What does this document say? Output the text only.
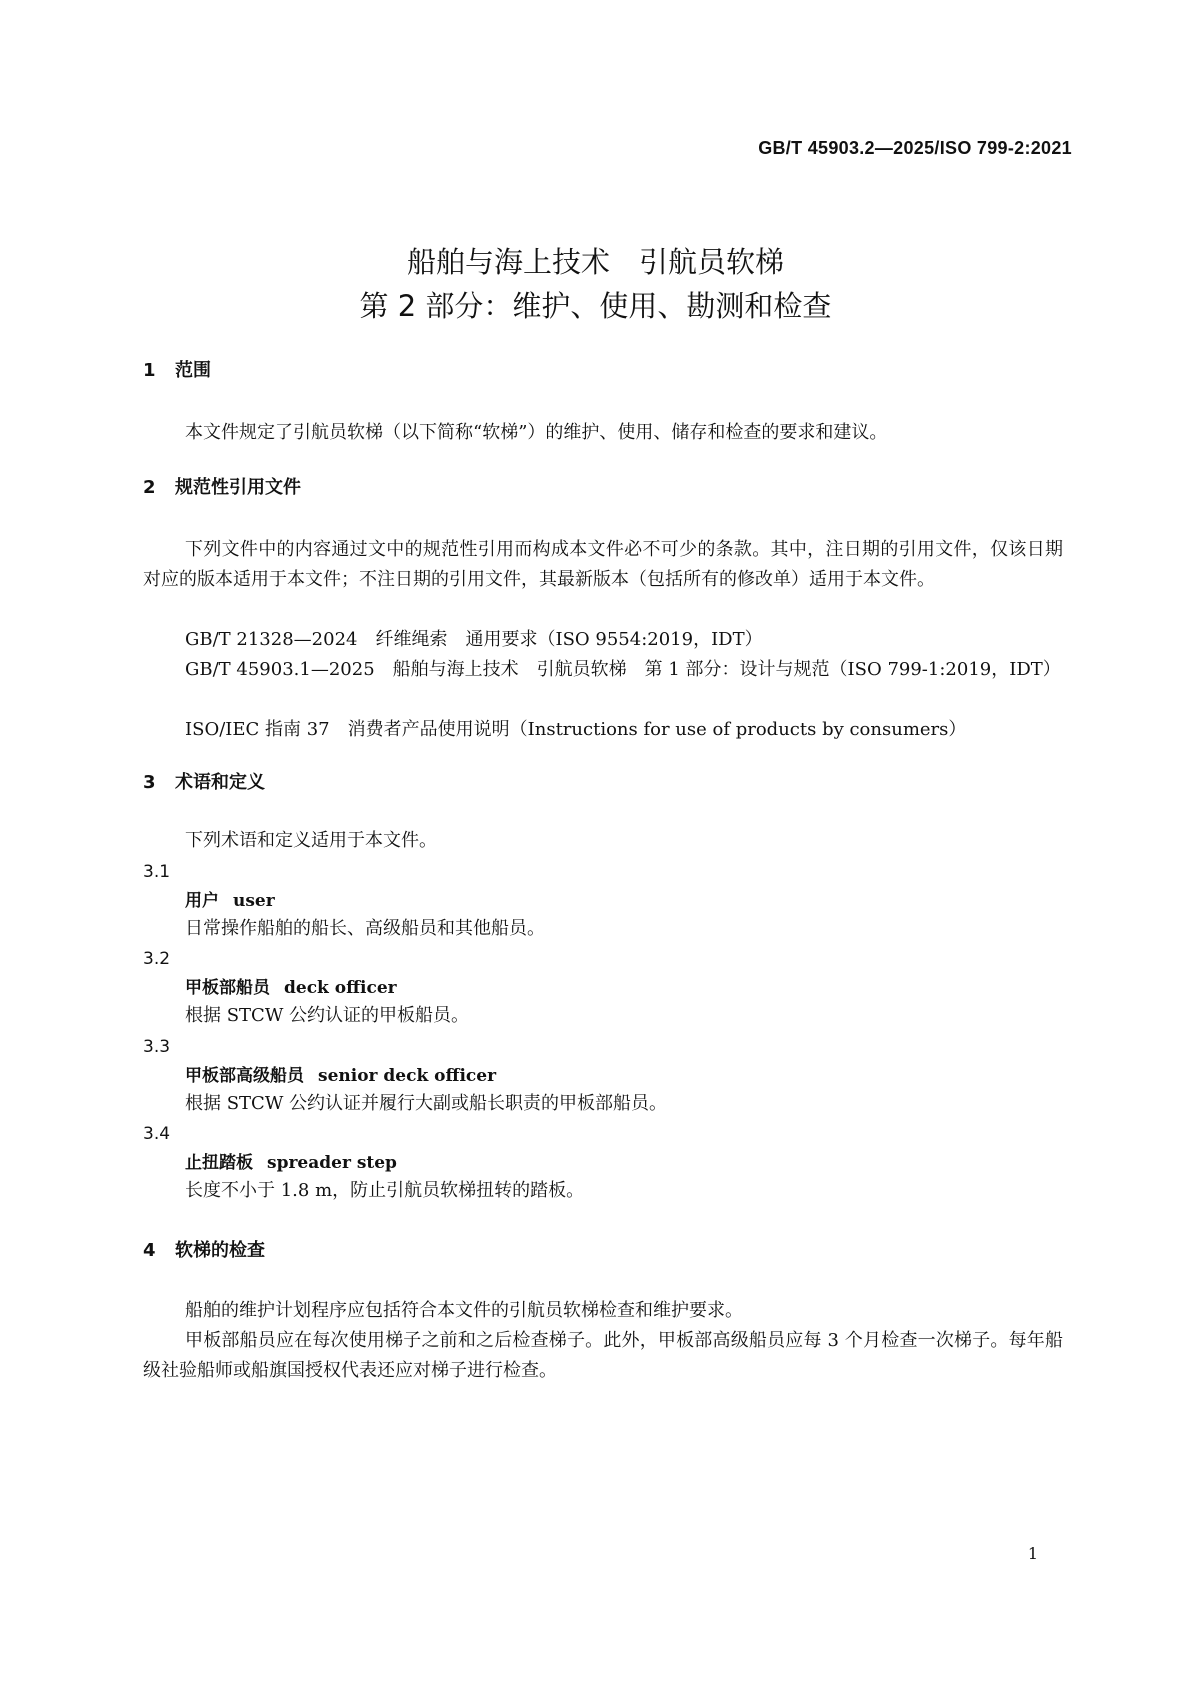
GB/T 45903.2—2025/ISO 799-2:2021
船舶与海上技术　引航员软梯
第 2 部分：维护、使用、勘测和检查
1 范围
本文件规定了引航员软梯（以下简称“软梯”）的维护、使用、储存和检查的要求和建议。
2 规范性引用文件
下列文件中的内容通过文中的规范性引用而构成本文件必不可少的条款。其中，注日期的引用文件，仅该日期对应的版本适用于本文件；不注日期的引用文件，其最新版本（包括所有的修改单）适用于本文件。
GB/T 21328—2024　纤维绳索　通用要求（ISO 9554:2019，IDT）
GB/T 45903.1—2025　船舶与海上技术　引航员软梯　第 1 部分：设计与规范（ISO 799-1:2019，IDT）
ISO/IEC 指南 37　消费者产品使用说明（Instructions for use of products by consumers）
3 术语和定义
下列术语和定义适用于本文件。
3.1
用户 user
日常操作船舶的船长、高级船员和其他船员。
3.2
甲板部船员 deck officer
根据 STCW 公约认证的甲板船员。
3.3
甲板部高级船员 senior deck officer
根据 STCW 公约认证并履行大副或船长职责的甲板部船员。
3.4
止扭踏板 spreader step
长度不小于 1.8 m，防止引航员软梯扭转的踏板。
4 软梯的检查
船舶的维护计划程序应包括符合本文件的引航员软梯检查和维护要求。
甲板部船员应在每次使用梯子之前和之后检查梯子。此外，甲板部高级船员应每 3 个月检查一次梯子。每年船级社验船师或船旗国授权代表还应对梯子进行检查。
1
